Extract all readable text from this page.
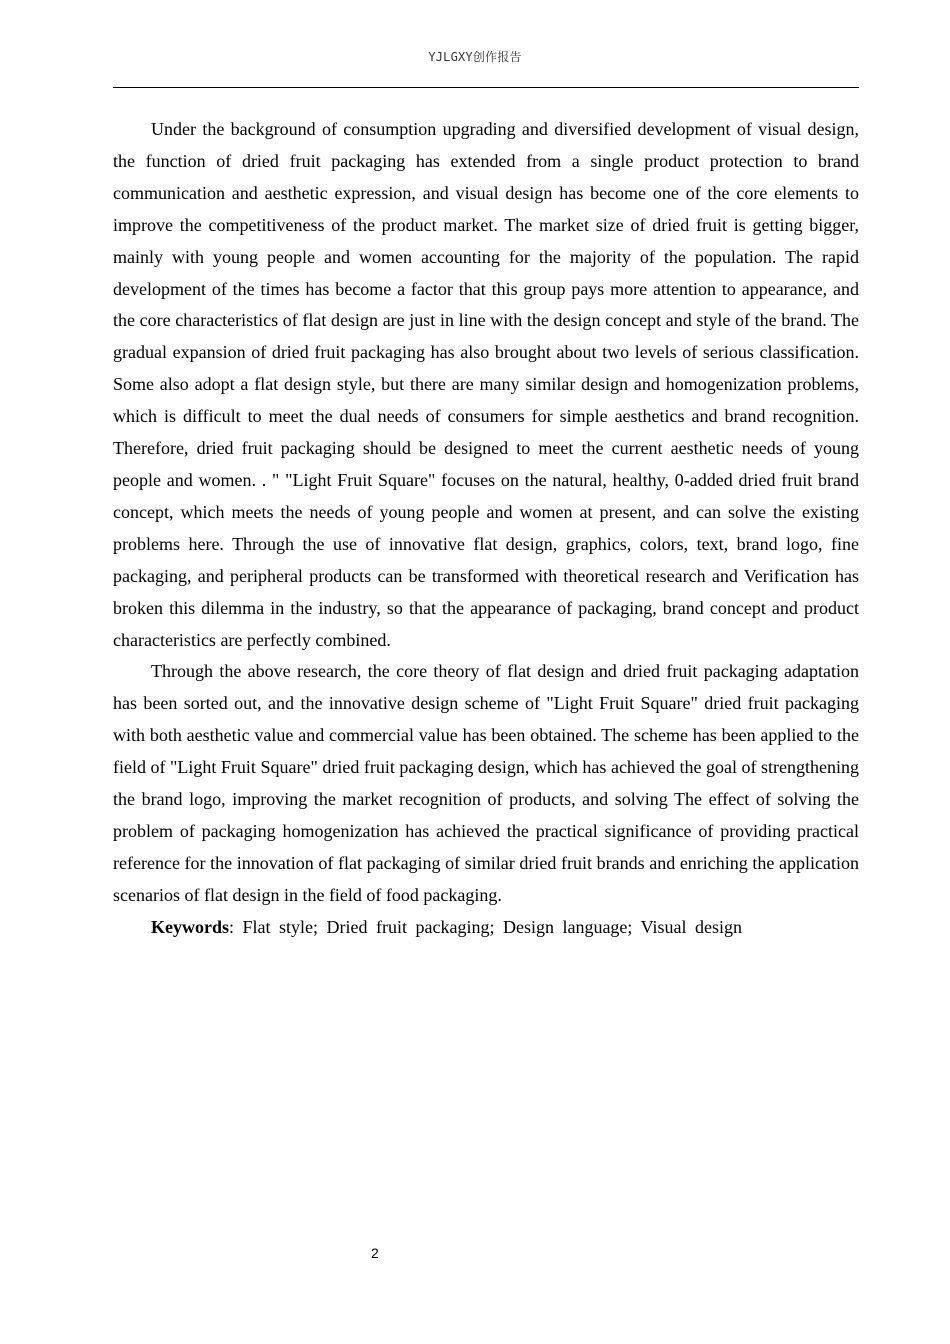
YJLGXY创作报告

Under the background of consumption upgrading and diversified development of visual design, the function of dried fruit packaging has extended from a single product protection to brand communication and aesthetic expression, and visual design has become one of the core elements to improve the competitiveness of the product market. The market size of dried fruit is getting bigger, mainly with young people and women accounting for the majority of the population. The rapid development of the times has become a factor that this group pays more attention to appearance, and the core characteristics of flat design are just in line with the design concept and style of the brand. The gradual expansion of dried fruit packaging has also brought about two levels of serious classification. Some also adopt a flat design style, but there are many similar design and homogenization problems, which is difficult to meet the dual needs of consumers for simple aesthetics and brand recognition. Therefore, dried fruit packaging should be designed to meet the current aesthetic needs of young people and women. . " "Light Fruit Square" focuses on the natural, healthy, 0-added dried fruit brand concept, which meets the needs of young people and women at present, and can solve the existing problems here. Through the use of innovative flat design, graphics, colors, text, brand logo, fine packaging, and peripheral products can be transformed with theoretical research and Verification has broken this dilemma in the industry, so that the appearance of packaging, brand concept and product characteristics are perfectly combined.

Through the above research, the core theory of flat design and dried fruit packaging adaptation has been sorted out, and the innovative design scheme of "Light Fruit Square" dried fruit packaging with both aesthetic value and commercial value has been obtained. The scheme has been applied to the field of "Light Fruit Square" dried fruit packaging design, which has achieved the goal of strengthening the brand logo, improving the market recognition of products, and solving The effect of solving the problem of packaging homogenization has achieved the practical significance of providing practical reference for the innovation of flat packaging of similar dried fruit brands and enriching the application scenarios of flat design in the field of food packaging.

Keywords: Flat style; Dried fruit packaging; Design language; Visual design

2
